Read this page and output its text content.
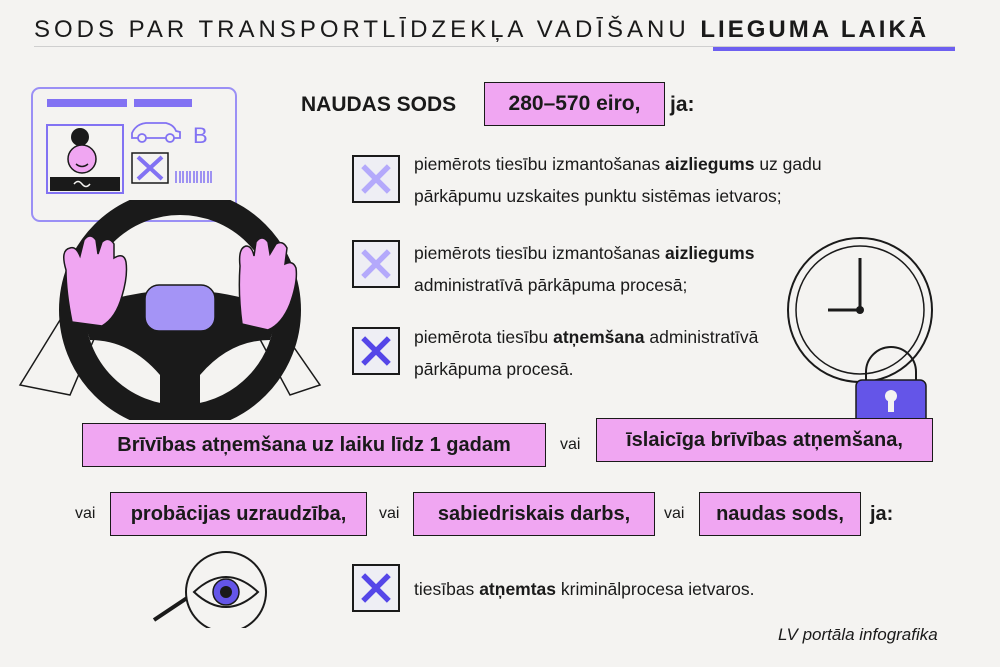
SODS PAR TRANSPORTLĪDZEKĻA VADĪŠANU LIEGUMA LAIKĀ
B
NAUDAS SODS	280–570 eiro,	ja:
piemērots tiesību izmantošanas aizliegums uz gadu pārkāpumu uzskaites punktu sistēmas ietvaros;
piemērots tiesību izmantošanas aizliegums administratīvā pārkāpuma procesā;
piemērota tiesību atņemšana administratīvā pārkāpuma procesā.
Brīvības atņemšana uz laiku līdz 1 gadam	vai	īslaicīga brīvības atņemšana,
vai	probācijas uzraudzība,	vai	sabiedriskais darbs,	vai	naudas sods,	ja:
tiesības atņemtas kriminālprocesa ietvaros.
LV portāla infografika
